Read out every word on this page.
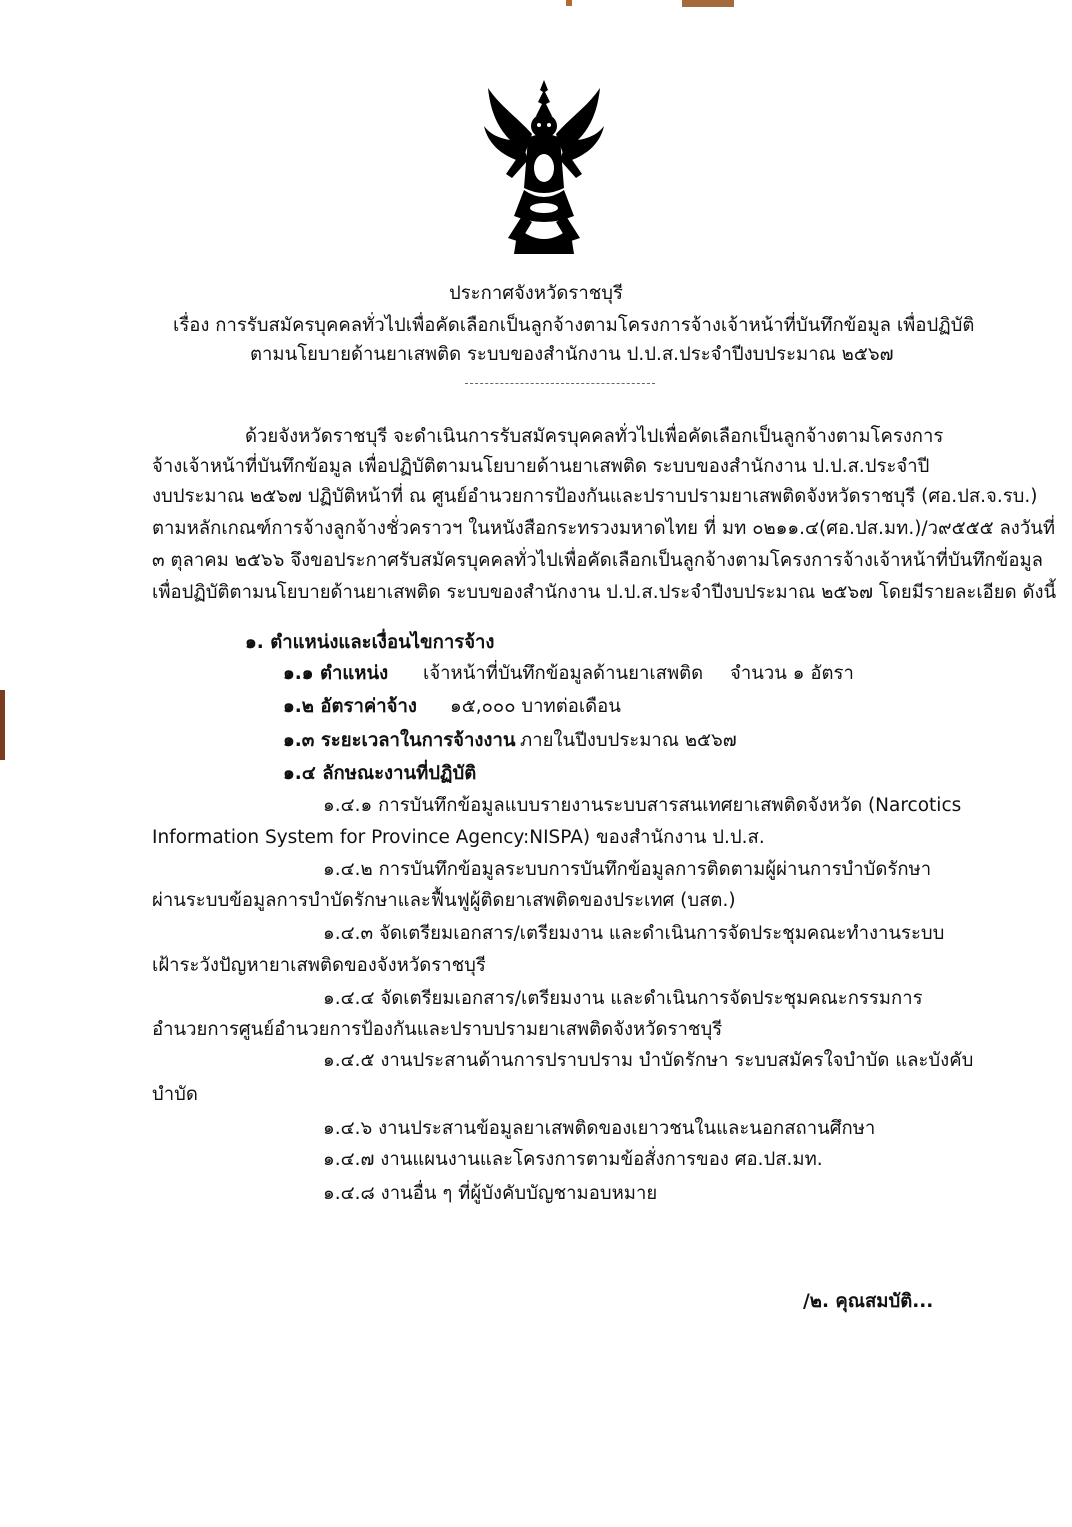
ประกาศจังหวัดราชบุรี
เรื่อง การรับสมัครบุคคลทั่วไปเพื่อคัดเลือกเป็นลูกจ้างตามโครงการจ้างเจ้าหน้าที่บันทึกข้อมูล เพื่อปฏิบัติ
ตามนโยบายด้านยาเสพติด ระบบของสำนักงาน ป.ป.ส.ประจำปีงบประมาณ ๒๕๖๗
ด้วยจังหวัดราชบุรี จะดำเนินการรับสมัครบุคคลทั่วไปเพื่อคัดเลือกเป็นลูกจ้างตามโครงการ
จ้างเจ้าหน้าที่บันทึกข้อมูล เพื่อปฏิบัติตามนโยบายด้านยาเสพติด ระบบของสำนักงาน ป.ป.ส.ประจำปี
งบประมาณ ๒๕๖๗ ปฏิบัติหน้าที่ ณ ศูนย์อำนวยการป้องกันและปราบปรามยาเสพติดจังหวัดราชบุรี (ศอ.ปส.จ.รบ.)
ตามหลักเกณฑ์การจ้างลูกจ้างชั่วคราวฯ ในหนังสือกระทรวงมหาดไทย ที่ มท ๐๒๑๑.๔(ศอ.ปส.มท.)/ว๙๕๕๕ ลงวันที่
๓ ตุลาคม ๒๕๖๖ จึงขอประกาศรับสมัครบุคคลทั่วไปเพื่อคัดเลือกเป็นลูกจ้างตามโครงการจ้างเจ้าหน้าที่บันทึกข้อมูล
เพื่อปฏิบัติตามนโยบายด้านยาเสพติด ระบบของสำนักงาน ป.ป.ส.ประจำปีงบประมาณ ๒๕๖๗ โดยมีรายละเอียด ดังนี้
๑. ตำแหน่งและเงื่อนไขการจ้าง
๑.๑ ตำแหน่ง เจ้าหน้าที่บันทึกข้อมูลด้านยาเสพติด จำนวน ๑ อัตรา
๑.๒ อัตราค่าจ้าง ๑๕,๐๐๐ บาทต่อเดือน
๑.๓ ระยะเวลาในการจ้างงาน ภายในปีงบประมาณ ๒๕๖๗
๑.๔ ลักษณะงานที่ปฏิบัติ
๑.๔.๑ การบันทึกข้อมูลแบบรายงานระบบสารสนเทศยาเสพติดจังหวัด (Narcotics
Information System for Province Agency:NISPA) ของสำนักงาน ป.ป.ส.
๑.๔.๒ การบันทึกข้อมูลระบบการบันทึกข้อมูลการติดตามผู้ผ่านการบำบัดรักษา
ผ่านระบบข้อมูลการบำบัดรักษาและฟื้นฟูผู้ติดยาเสพติดของประเทศ (บสต.)
๑.๔.๓ จัดเตรียมเอกสาร/เตรียมงาน และดำเนินการจัดประชุมคณะทำงานระบบ
เฝ้าระวังปัญหายาเสพติดของจังหวัดราชบุรี
๑.๔.๔ จัดเตรียมเอกสาร/เตรียมงาน และดำเนินการจัดประชุมคณะกรรมการ
อำนวยการศูนย์อำนวยการป้องกันและปราบปรามยาเสพติดจังหวัดราชบุรี
๑.๔.๕ งานประสานด้านการปราบปราม บำบัดรักษา ระบบสมัครใจบำบัด และบังคับ
บำบัด
๑.๔.๖ งานประสานข้อมูลยาเสพติดของเยาวชนในและนอกสถานศึกษา
๑.๔.๗ งานแผนงานและโครงการตามข้อสั่งการของ ศอ.ปส.มท.
๑.๔.๘ งานอื่น ๆ ที่ผู้บังคับบัญชามอบหมาย
/๒. คุณสมบัติ...
